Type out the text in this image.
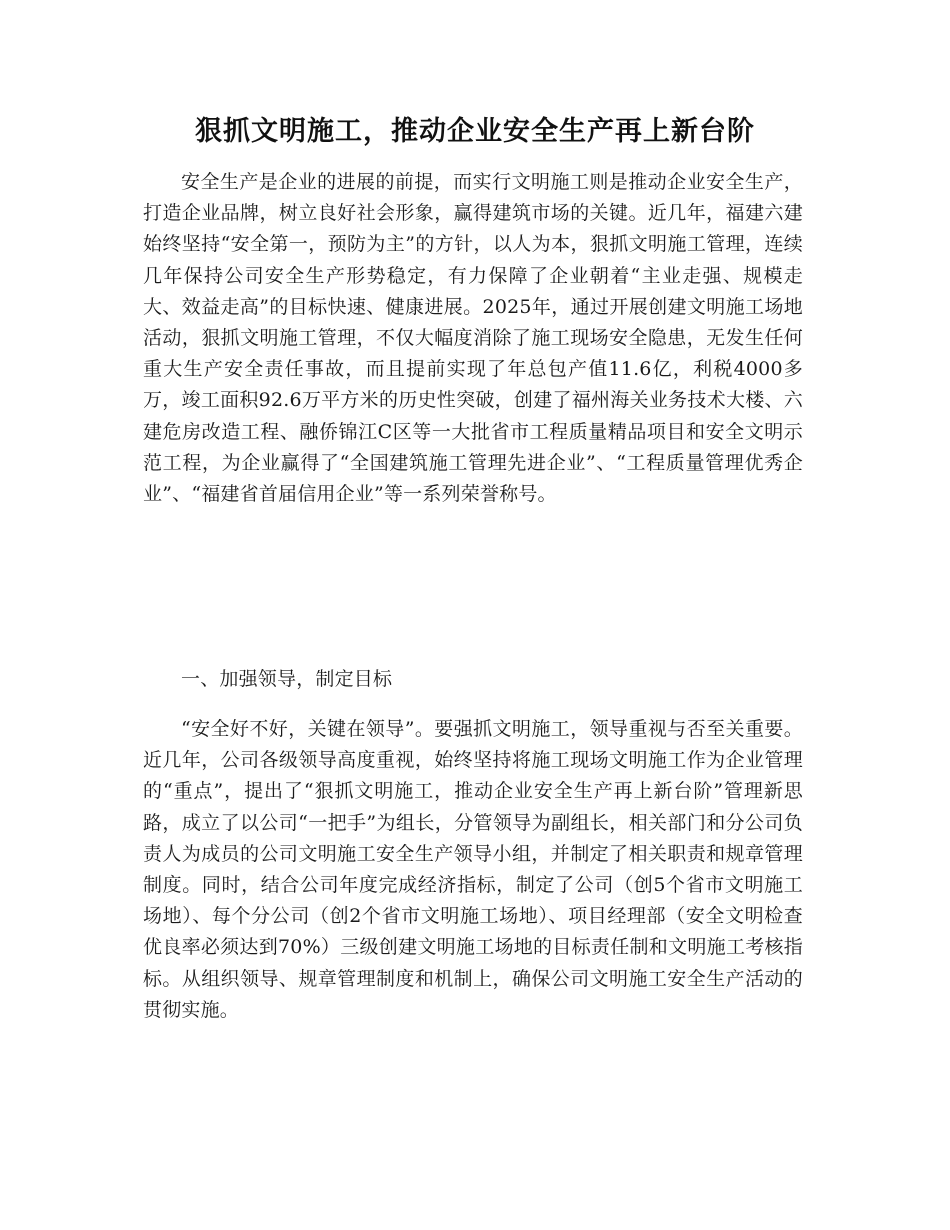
狠抓文明施工，推动企业安全生产再上新台阶

安全生产是企业的进展的前提，而实行文明施工则是推动企业安全生产，打造企业品牌，树立良好社会形象，赢得建筑市场的关键。近几年，福建六建始终坚持“安全第一，预防为主”的方针，以人为本，狠抓文明施工管理，连续几年保持公司安全生产形势稳定，有力保障了企业朝着“主业走强、规模走大、效益走高”的目标快速、健康进展。2025年，通过开展创建文明施工场地活动，狠抓文明施工管理，不仅大幅度消除了施工现场安全隐患，无发生任何重大生产安全责任事故，而且提前实现了年总包产值11.6亿，利税4000多万，竣工面积92.6万平方米的历史性突破，创建了福州海关业务技术大楼、六建危房改造工程、融侨锦江C区等一大批省市工程质量精品项目和安全文明示范工程，为企业赢得了“全国建筑施工管理先进企业”、“工程质量管理优秀企业”、“福建省首届信用企业”等一系列荣誉称号。

一、加强领导，制定目标

“安全好不好，关键在领导”。要强抓文明施工，领导重视与否至关重要。近几年，公司各级领导高度重视，始终坚持将施工现场文明施工作为企业管理的“重点”，提出了“狠抓文明施工，推动企业安全生产再上新台阶”管理新思路，成立了以公司“一把手”为组长，分管领导为副组长，相关部门和分公司负责人为成员的公司文明施工安全生产领导小组，并制定了相关职责和规章管理制度。同时，结合公司年度完成经济指标，制定了公司（创5个省市文明施工场地）、每个分公司（创2个省市文明施工场地）、项目经理部（安全文明检查优良率必须达到70%）三级创建文明施工场地的目标责任制和文明施工考核指标。从组织领导、规章管理制度和机制上，确保公司文明施工安全生产活动的贯彻实施。
